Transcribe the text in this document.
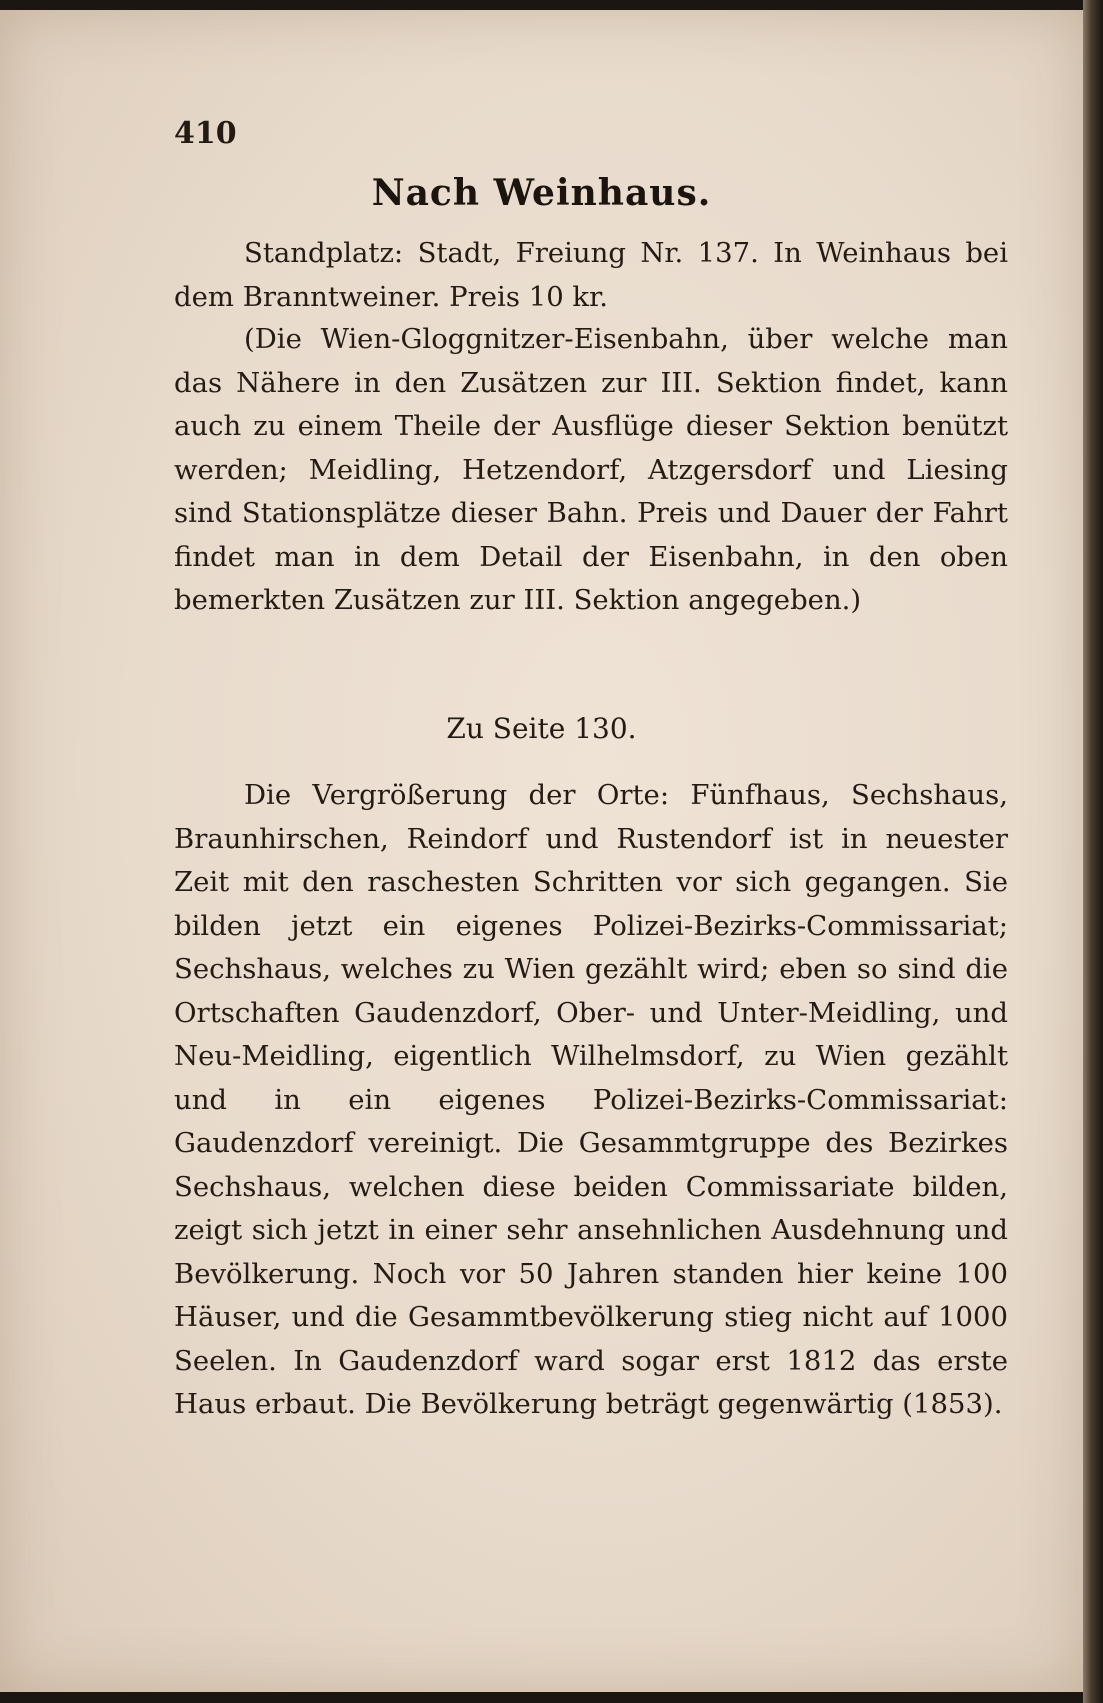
410
Nach Weinhaus.

Standplatz: Stadt, Freiung Nr. 137. In Weinhaus bei dem Branntweiner. Preis 10 kr.

(Die Wien-Gloggnitzer-Eisenbahn, über welche man das Nähere in den Zusätzen zur III. Sektion findet, kann auch zu einem Theile der Ausflüge dieser Sektion benützt werden; Meidling, Hetzendorf, Atzgersdorf und Liesing sind Stationsplätze dieser Bahn. Preis und Dauer der Fahrt findet man in dem Detail der Eisenbahn, in den oben bemerkten Zusätzen zur III. Sektion angegeben.)

Zu Seite 130.

Die Vergrößerung der Orte: Fünfhaus, Sechshaus, Braunhirschen, Reindorf und Rustendorf ist in neuester Zeit mit den raschesten Schritten vor sich gegangen. Sie bilden jetzt ein eigenes Polizei-Bezirks-Commissariat; Sechshaus, welches zu Wien gezählt wird; eben so sind die Ortschaften Gaudenzdorf, Ober- und Unter-Meidling, und Neu-Meidling, eigentlich Wilhelmsdorf, zu Wien gezählt und in ein eigenes Polizei-Bezirks-Commissariat: Gaudenzdorf vereinigt. Die Gesammtgruppe des Bezirkes Sechshaus, welchen diese beiden Commissariate bilden, zeigt sich jetzt in einer sehr ansehnlichen Ausdehnung und Bevölkerung. Noch vor 50 Jahren standen hier keine 100 Häuser, und die Gesammtbevölkerung stieg nicht auf 1000 Seelen. In Gaudenzdorf ward sogar erst 1812 das erste Haus erbaut. Die Bevölkerung beträgt gegenwärtig (1853).
